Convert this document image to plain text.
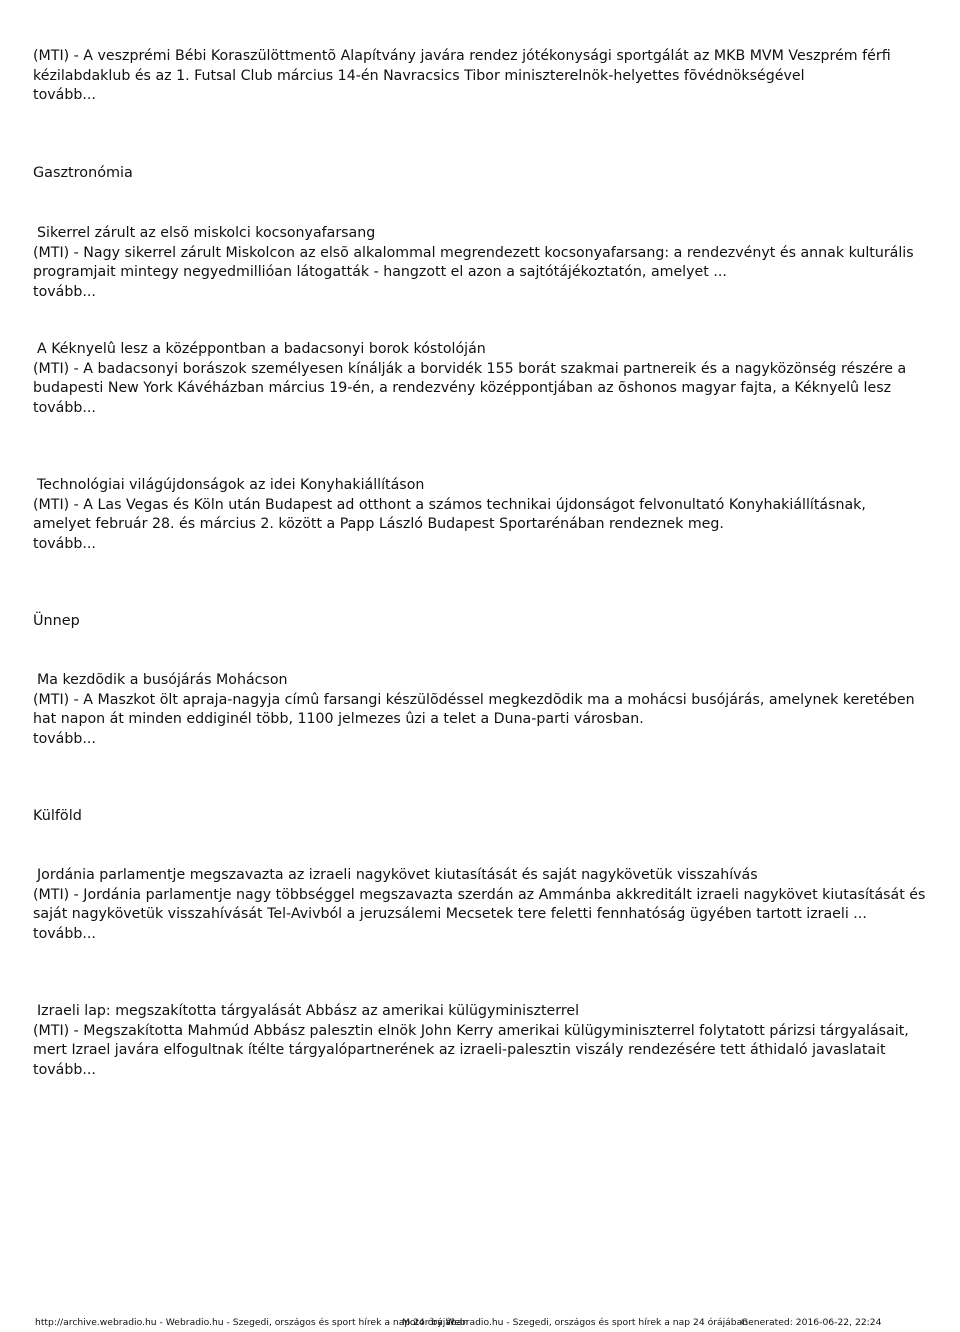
(MTI) - A veszprémi Bébi Koraszülöttmentõ Alapítvány javára rendez jótékonysági sportgálát az MKB MVM Veszprém férfi kézilabdaklub és az 1. Futsal Club március 14-én Navracsics Tibor miniszterelnök-helyettes fõvédnökségével
tovább...
Gasztronómia
Sikerrel zárult az elsõ miskolci kocsonyafarsang
(MTI) - Nagy sikerrel zárult Miskolcon az elsõ alkalommal megrendezett kocsonyafarsang: a rendezvényt és annak kulturális programjait mintegy negyedmillióan látogatták - hangzott el azon a sajtótájékoztatón, amelyet ...
tovább...
A Kéknyelû lesz a középpontban a badacsonyi borok kóstolóján
(MTI) - A badacsonyi borászok személyesen kínálják a borvidék 155 borát szakmai partnereik és a nagyközönség részére a budapesti New York Kávéházban március 19-én, a rendezvény középpontjában az õshonos magyar fajta, a Kéknyelû lesz
tovább...
Technológiai világújdonságok az idei Konyhakiállításon
(MTI) - A Las Vegas és Köln után Budapest ad otthont a számos technikai újdonságot felvonultató Konyhakiállításnak, amelyet február 28. és március 2. között a Papp László Budapest Sportarénában rendeznek meg.
tovább...
Ünnep
Ma kezdõdik a busójárás Mohácson
(MTI) - A Maszkot ölt apraja-nagyja címû farsangi készülõdéssel megkezdõdik ma a mohácsi busójárás, amelynek keretében hat napon át minden eddiginél több, 1100 jelmezes ûzi a telet a Duna-parti városban.
tovább...
Külföld
Jordánia parlamentje megszavazta az izraeli nagykövet kiutasítását és saját nagykövetük visszahívás
(MTI) - Jordánia parlamentje nagy többséggel megszavazta szerdán az Ammánba akkreditált izraeli nagykövet kiutasítását és saját nagykövetük visszahívását Tel-Avivból a jeruzsálemi Mecsetek tere feletti fennhatóság ügyében tartott izraeli ...
tovább...
Izraeli lap: megszakította tárgyalását Abbász az amerikai külügyminiszterrel
(MTI) - Megszakította Mahmúd Abbász palesztin elnök John Kerry amerikai külügyminiszterrel folytatott párizsi tárgyalásait, mert Izrael javára elfogultnak ítélte tárgyalópartnerének az izraeli-palesztin viszály rendezésére tett áthidaló javaslatait
tovább...
http://archive.webradio.hu - Webradio.hu - Szegedi, országos és sport hírek a nap 24 órájában
Motor by Webradio.hu - Szegedi, országos és sport hírek a nap 24 órájában
Generated: 2016-06-22, 22:24
